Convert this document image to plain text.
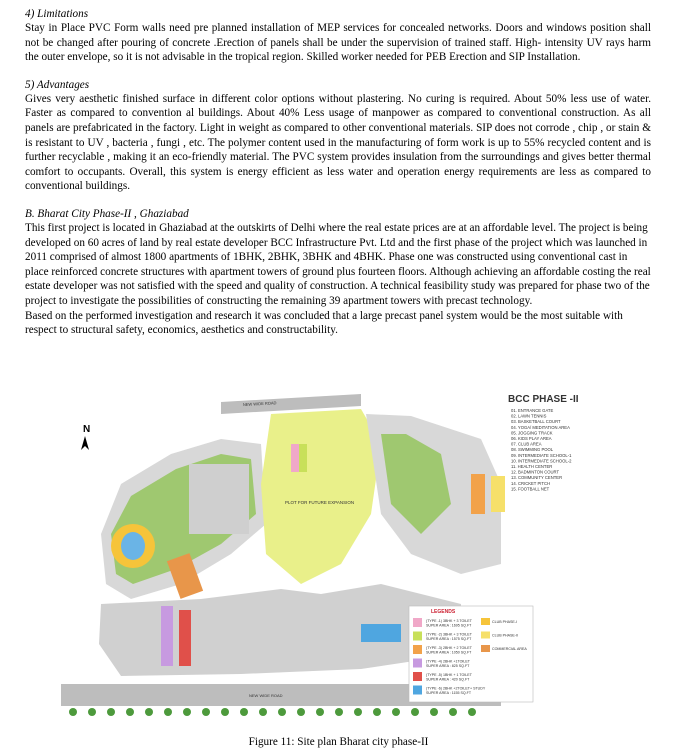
4) Limitations

Stay in Place PVC Form walls need pre planned installation of MEP services for concealed networks. Doors and windows position shall not be changed after pouring of concrete .Erection of panels shall be under the supervision of trained staff. High- intensity UV rays harm the outer envelope, so it is not advisable in the tropical region. Skilled worker needed for PEB Erection and SIP Installation.

5) Advantages

Gives very aesthetic finished surface in different color options without plastering. No curing is required. About 50% less use of water. Faster as compared to convention al buildings. About 40% Less usage of manpower as compared to conventional construction. As all panels are prefabricated in the factory. Light in weight as compared to other conventional materials. SIP does not corrode , chip , or stain & is resistant to UV , bacteria , fungi , etc. The polymer content used in the manufacturing of form work is up to 55% recycled content and is further recyclable , making it an eco-friendly material. The PVC system provides insulation from the surroundings and gives better thermal comfort to occupants. Overall, this system is energy efficient as less water and operation energy requirements are less as compared to conventional buildings.

B. Bharat City Phase-II , Ghaziabad

This first project is located in Ghaziabad at the outskirts of Delhi where the real estate prices are at an affordable level. The project is being developed on 60 acres of land by real estate developer BCC Infrastructure Pvt. Ltd and the first phase of the project which was launched in 2011 comprised of almost 1800 apartments of 1BHK, 2BHK, 3BHK and 4BHK. Phase one was constructed using conventional cast in place reinforced concrete structures with apartment towers of ground plus fourteen floors. Although achieving an affordable costing the real estate developer was not satisfied with the speed and quality of construction. A technical feasibility study was prepared for phase two of the project to investigate the possibilities of constructing the remaining 39 apartment towers with precast technology.

Based on the performed investigation and research it was concluded that a large precast panel system would be the most suitable with respect to structural safety, economics, aesthetics and constructability.

NEW WIDE ROAD
NEW WIDE ROAD
N
PLOT FOR FUTURE EXPANSION
LEGENDS
(TYPE -1) 3BHK + 3 TOILET
SUPER AREA : 1695 SQ.FT
(TYPE -2) 3BHK + 3 TOILET
SUPER AREA : 1575 SQ.FT
(TYPE -3) 2BHK + 2 TOILET
SUPER AREA : 1050 SQ.FT
(TYPE -4) 2BHK +1TOILET
SUPER AREA : 825 SQ.FT
(TYPE -5) 1BHK + 1 TOILET
SUPER AREA : 420 SQ.FT
(TYPE -6) 2BHK +2TOILET+ STUDY
SUPER AREA : 1155 SQ.FT
CLUB PHASE-I
CLUB PHASE-II
COMMERCIAL AREA
BCC PHASE -II
01. ENTRANCE GATE
02. LAWN TENNIS
03. BASKETBALL COURT
04. YOGA/ MEDITATION AREA
05. JOGGING TRACK
06. KIDS PLAY AREA
07. CLUB AREA
08. SWIMMING POOL
09. INTERMEDIATE SCHOOL-1
10. INTERMEDIATE SCHOOL-2
11. HEALTH CENTER
12. BADMINTON COURT
13. COMMUNITY CENTER
14. CRICKET PITCH
15. FOOTBALL NET
Figure 11: Site plan Bharat city phase-II
